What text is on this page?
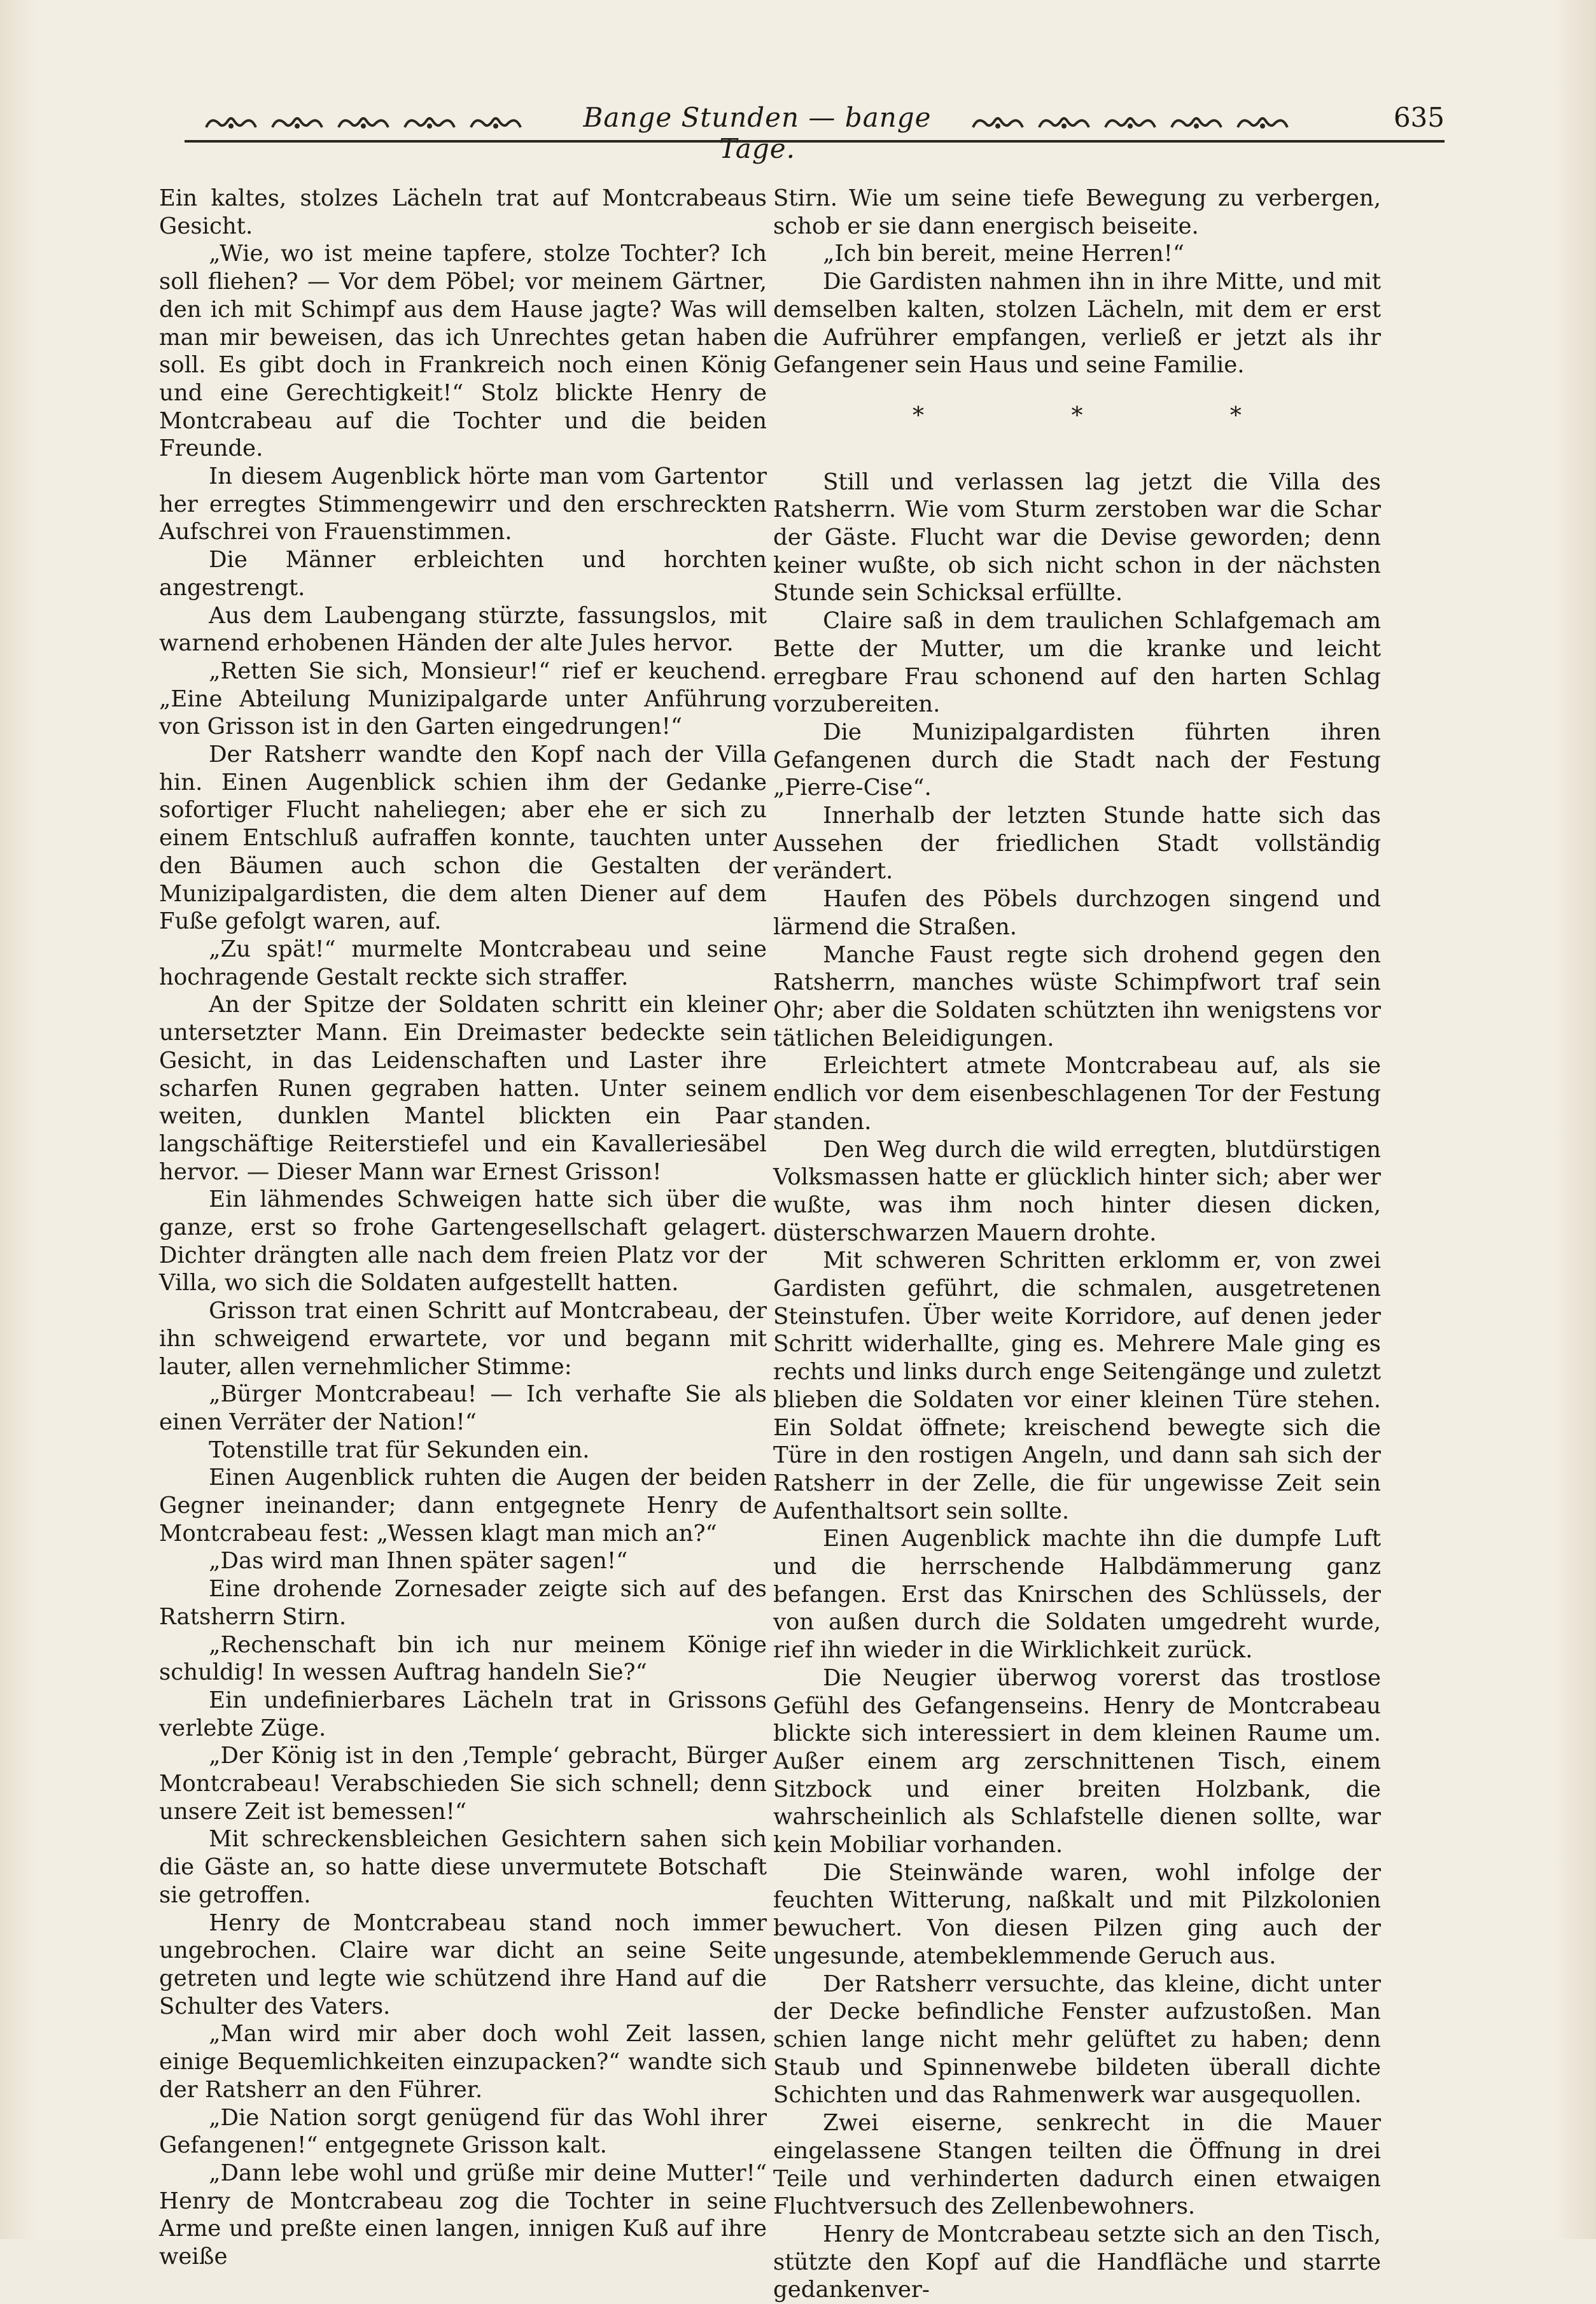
Bange Stunden — bange Tage.
635

Ein kaltes, stolzes Lächeln trat auf Montcrabeaus Gesicht.

„Wie, wo ist meine tapfere, stolze Tochter? Ich soll fliehen? — Vor dem Pöbel; vor meinem Gärtner, den ich mit Schimpf aus dem Hause jagte? Was will man mir beweisen, das ich Unrechtes getan haben soll. Es gibt doch in Frankreich noch einen König und eine Gerechtigkeit!“ Stolz blickte Henry de Montcrabeau auf die Tochter und die beiden Freunde.

In diesem Augenblick hörte man vom Gartentor her erregtes Stimmengewirr und den erschreckten Aufschrei von Frauenstimmen.

Die Männer erbleichten und horchten angestrengt.

Aus dem Laubengang stürzte, fassungslos, mit warnend erhobenen Händen der alte Jules hervor.

„Retten Sie sich, Monsieur!“ rief er keuchend. „Eine Abteilung Munizipalgarde unter Anführung von Grisson ist in den Garten eingedrungen!“

Der Ratsherr wandte den Kopf nach der Villa hin. Einen Augenblick schien ihm der Gedanke sofortiger Flucht naheliegen; aber ehe er sich zu einem Entschluß aufraffen konnte, tauchten unter den Bäumen auch schon die Gestalten der Munizipalgardisten, die dem alten Diener auf dem Fuße gefolgt waren, auf.

„Zu spät!“ murmelte Montcrabeau und seine hochragende Gestalt reckte sich straffer.

An der Spitze der Soldaten schritt ein kleiner untersetzter Mann. Ein Dreimaster bedeckte sein Gesicht, in das Leidenschaften und Laster ihre scharfen Runen gegraben hatten. Unter seinem weiten, dunklen Mantel blickten ein Paar langschäftige Reiterstiefel und ein Kavalleriesäbel hervor. — Dieser Mann war Ernest Grisson!

Ein lähmendes Schweigen hatte sich über die ganze, erst so frohe Gartengesellschaft gelagert. Dichter drängten alle nach dem freien Platz vor der Villa, wo sich die Soldaten aufgestellt hatten.

Grisson trat einen Schritt auf Montcrabeau, der ihn schweigend erwartete, vor und begann mit lauter, allen vernehmlicher Stimme:

„Bürger Montcrabeau! — Ich verhafte Sie als einen Verräter der Nation!“

Totenstille trat für Sekunden ein.

Einen Augenblick ruhten die Augen der beiden Gegner ineinander; dann entgegnete Henry de Montcrabeau fest: „Wessen klagt man mich an?“

„Das wird man Ihnen später sagen!“

Eine drohende Zornesader zeigte sich auf des Ratsherrn Stirn.

„Rechenschaft bin ich nur meinem Könige schuldig! In wessen Auftrag handeln Sie?“

Ein undefinierbares Lächeln trat in Grissons verlebte Züge.

„Der König ist in den ‚Temple‘ gebracht, Bürger Montcrabeau! Verabschieden Sie sich schnell; denn unsere Zeit ist bemessen!“

Mit schreckensbleichen Gesichtern sahen sich die Gäste an, so hatte diese unvermutete Botschaft sie getroffen.

Henry de Montcrabeau stand noch immer ungebrochen. Claire war dicht an seine Seite getreten und legte wie schützend ihre Hand auf die Schulter des Vaters.

„Man wird mir aber doch wohl Zeit lassen, einige Bequemlichkeiten einzupacken?“ wandte sich der Ratsherr an den Führer.

„Die Nation sorgt genügend für das Wohl ihrer Gefangenen!“ entgegnete Grisson kalt.

„Dann lebe wohl und grüße mir deine Mutter!“ Henry de Montcrabeau zog die Tochter in seine Arme und preßte einen langen, innigen Kuß auf ihre weiße

Stirn. Wie um seine tiefe Bewegung zu verbergen, schob er sie dann energisch beiseite.

„Ich bin bereit, meine Herren!“

Die Gardisten nahmen ihn in ihre Mitte, und mit demselben kalten, stolzen Lächeln, mit dem er erst die Aufrührer empfangen, verließ er jetzt als ihr Gefangener sein Haus und seine Familie.

* * *

Still und verlassen lag jetzt die Villa des Ratsherrn. Wie vom Sturm zerstoben war die Schar der Gäste. Flucht war die Devise geworden; denn keiner wußte, ob sich nicht schon in der nächsten Stunde sein Schicksal erfüllte.

Claire saß in dem traulichen Schlafgemach am Bette der Mutter, um die kranke und leicht erregbare Frau schonend auf den harten Schlag vorzubereiten.

Die Munizipalgardisten führten ihren Gefangenen durch die Stadt nach der Festung „Pierre-Cise“.

Innerhalb der letzten Stunde hatte sich das Aussehen der friedlichen Stadt vollständig verändert.

Haufen des Pöbels durchzogen singend und lärmend die Straßen.

Manche Faust regte sich drohend gegen den Ratsherrn, manches wüste Schimpfwort traf sein Ohr; aber die Soldaten schützten ihn wenigstens vor tätlichen Beleidigungen.

Erleichtert atmete Montcrabeau auf, als sie endlich vor dem eisenbeschlagenen Tor der Festung standen.

Den Weg durch die wild erregten, blutdürstigen Volksmassen hatte er glücklich hinter sich; aber wer wußte, was ihm noch hinter diesen dicken, düsterschwarzen Mauern drohte.

Mit schweren Schritten erklomm er, von zwei Gardisten geführt, die schmalen, ausgetretenen Steinstufen. Über weite Korridore, auf denen jeder Schritt widerhallte, ging es. Mehrere Male ging es rechts und links durch enge Seitengänge und zuletzt blieben die Soldaten vor einer kleinen Türe stehen. Ein Soldat öffnete; kreischend bewegte sich die Türe in den rostigen Angeln, und dann sah sich der Ratsherr in der Zelle, die für ungewisse Zeit sein Aufenthaltsort sein sollte.

Einen Augenblick machte ihn die dumpfe Luft und die herrschende Halbdämmerung ganz befangen. Erst das Knirschen des Schlüssels, der von außen durch die Soldaten umgedreht wurde, rief ihn wieder in die Wirklichkeit zurück.

Die Neugier überwog vorerst das trostlose Gefühl des Gefangenseins. Henry de Montcrabeau blickte sich interessiert in dem kleinen Raume um. Außer einem arg zerschnittenen Tisch, einem Sitzbock und einer breiten Holzbank, die wahrscheinlich als Schlafstelle dienen sollte, war kein Mobiliar vorhanden.

Die Steinwände waren, wohl infolge der feuchten Witterung, naßkalt und mit Pilzkolonien bewuchert. Von diesen Pilzen ging auch der ungesunde, atembeklemmende Geruch aus.

Der Ratsherr versuchte, das kleine, dicht unter der Decke befindliche Fenster aufzustoßen. Man schien lange nicht mehr gelüftet zu haben; denn Staub und Spinnenwebe bildeten überall dichte Schichten und das Rahmenwerk war ausgequollen.

Zwei eiserne, senkrecht in die Mauer eingelassene Stangen teilten die Öffnung in drei Teile und verhinderten dadurch einen etwaigen Fluchtversuch des Zellenbewohners.

Henry de Montcrabeau setzte sich an den Tisch, stützte den Kopf auf die Handfläche und starrte gedankenver-
